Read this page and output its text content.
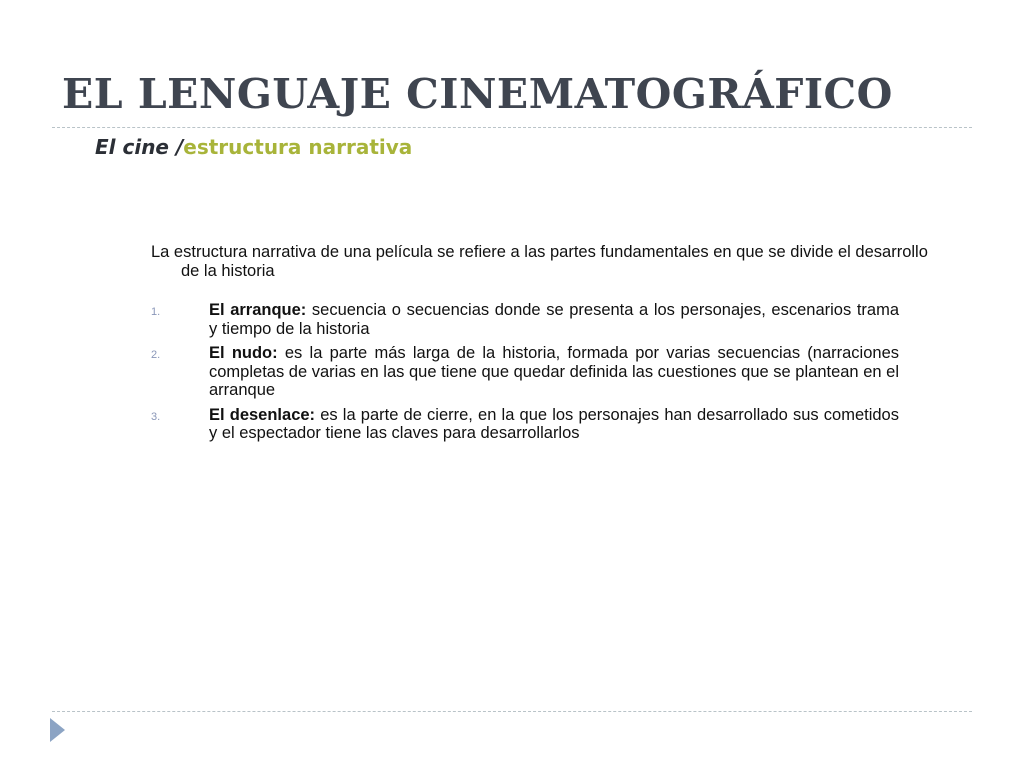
EL LENGUAJE CINEMATOGRÁFICO
El cine /estructura narrativa

La estructura narrativa de una película se refiere a las partes fundamentales en que se divide el desarrollo de la historia

1.	El arranque: secuencia o secuencias donde se presenta a los personajes, escenarios trama y tiempo de la historia
2.	El nudo: es la parte más larga de la historia, formada por varias secuencias (narraciones completas de varias en las que tiene que quedar definida las cuestiones que se plantean en el arranque
3.	El desenlace: es la parte de cierre, en la que los personajes han desarrollado sus cometidos y el espectador tiene las claves para desarrollarlos
